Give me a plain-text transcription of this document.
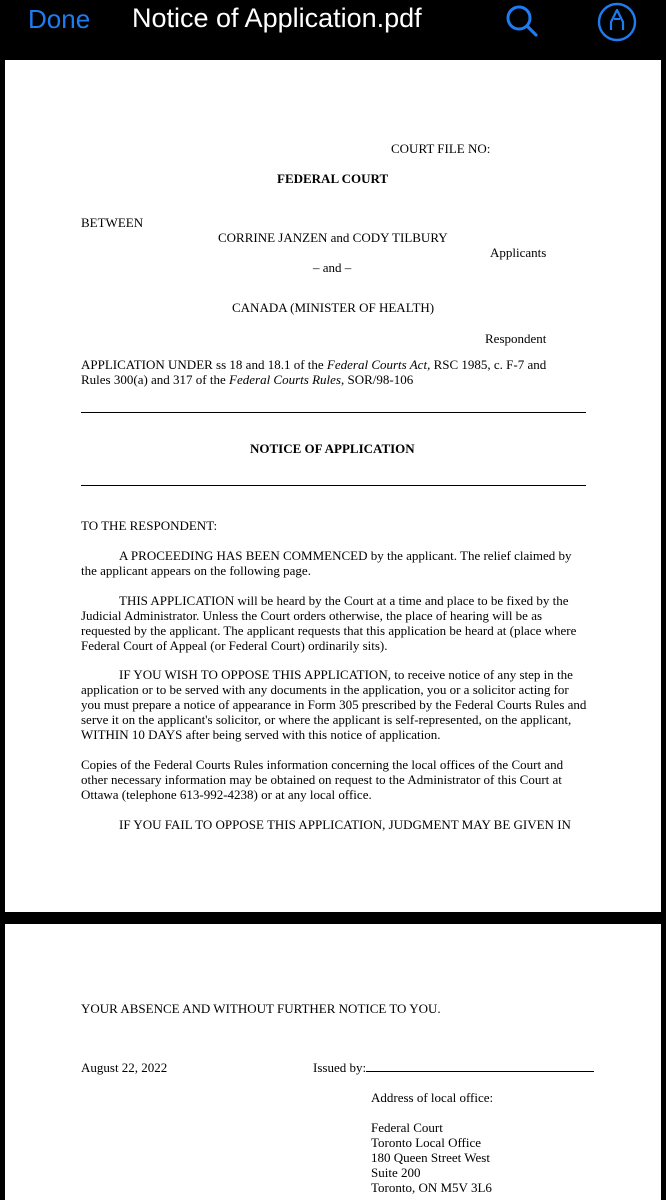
Done Notice of Application.pdf
COURT FILE NO:
FEDERAL COURT
BETWEEN
CORRINE JANZEN and CODY TILBURY
Applicants
– and –
CANADA (MINISTER OF HEALTH)
Respondent
APPLICATION UNDER ss 18 and 18.1 of the Federal Courts Act, RSC 1985, c. F-7 and
Rules 300(a) and 317 of the Federal Courts Rules, SOR/98-106
NOTICE OF APPLICATION
TO THE RESPONDENT:
A PROCEEDING HAS BEEN COMMENCED by the applicant. The relief claimed by
the applicant appears on the following page.
THIS APPLICATION will be heard by the Court at a time and place to be fixed by the
Judicial Administrator. Unless the Court orders otherwise, the place of hearing will be as
requested by the applicant. The applicant requests that this application be heard at (place where
Federal Court of Appeal (or Federal Court) ordinarily sits).
IF YOU WISH TO OPPOSE THIS APPLICATION, to receive notice of any step in the
application or to be served with any documents in the application, you or a solicitor acting for
you must prepare a notice of appearance in Form 305 prescribed by the Federal Courts Rules and
serve it on the applicant's solicitor, or where the applicant is self-represented, on the applicant,
WITHIN 10 DAYS after being served with this notice of application.
Copies of the Federal Courts Rules information concerning the local offices of the Court and
other necessary information may be obtained on request to the Administrator of this Court at
Ottawa (telephone 613-992-4238) or at any local office.
IF YOU FAIL TO OPPOSE THIS APPLICATION, JUDGMENT MAY BE GIVEN IN
YOUR ABSENCE AND WITHOUT FURTHER NOTICE TO YOU.
August 22, 2022	Issued by:
Address of local office:
Federal Court
Toronto Local Office
180 Queen Street West
Suite 200
Toronto, ON M5V 3L6
